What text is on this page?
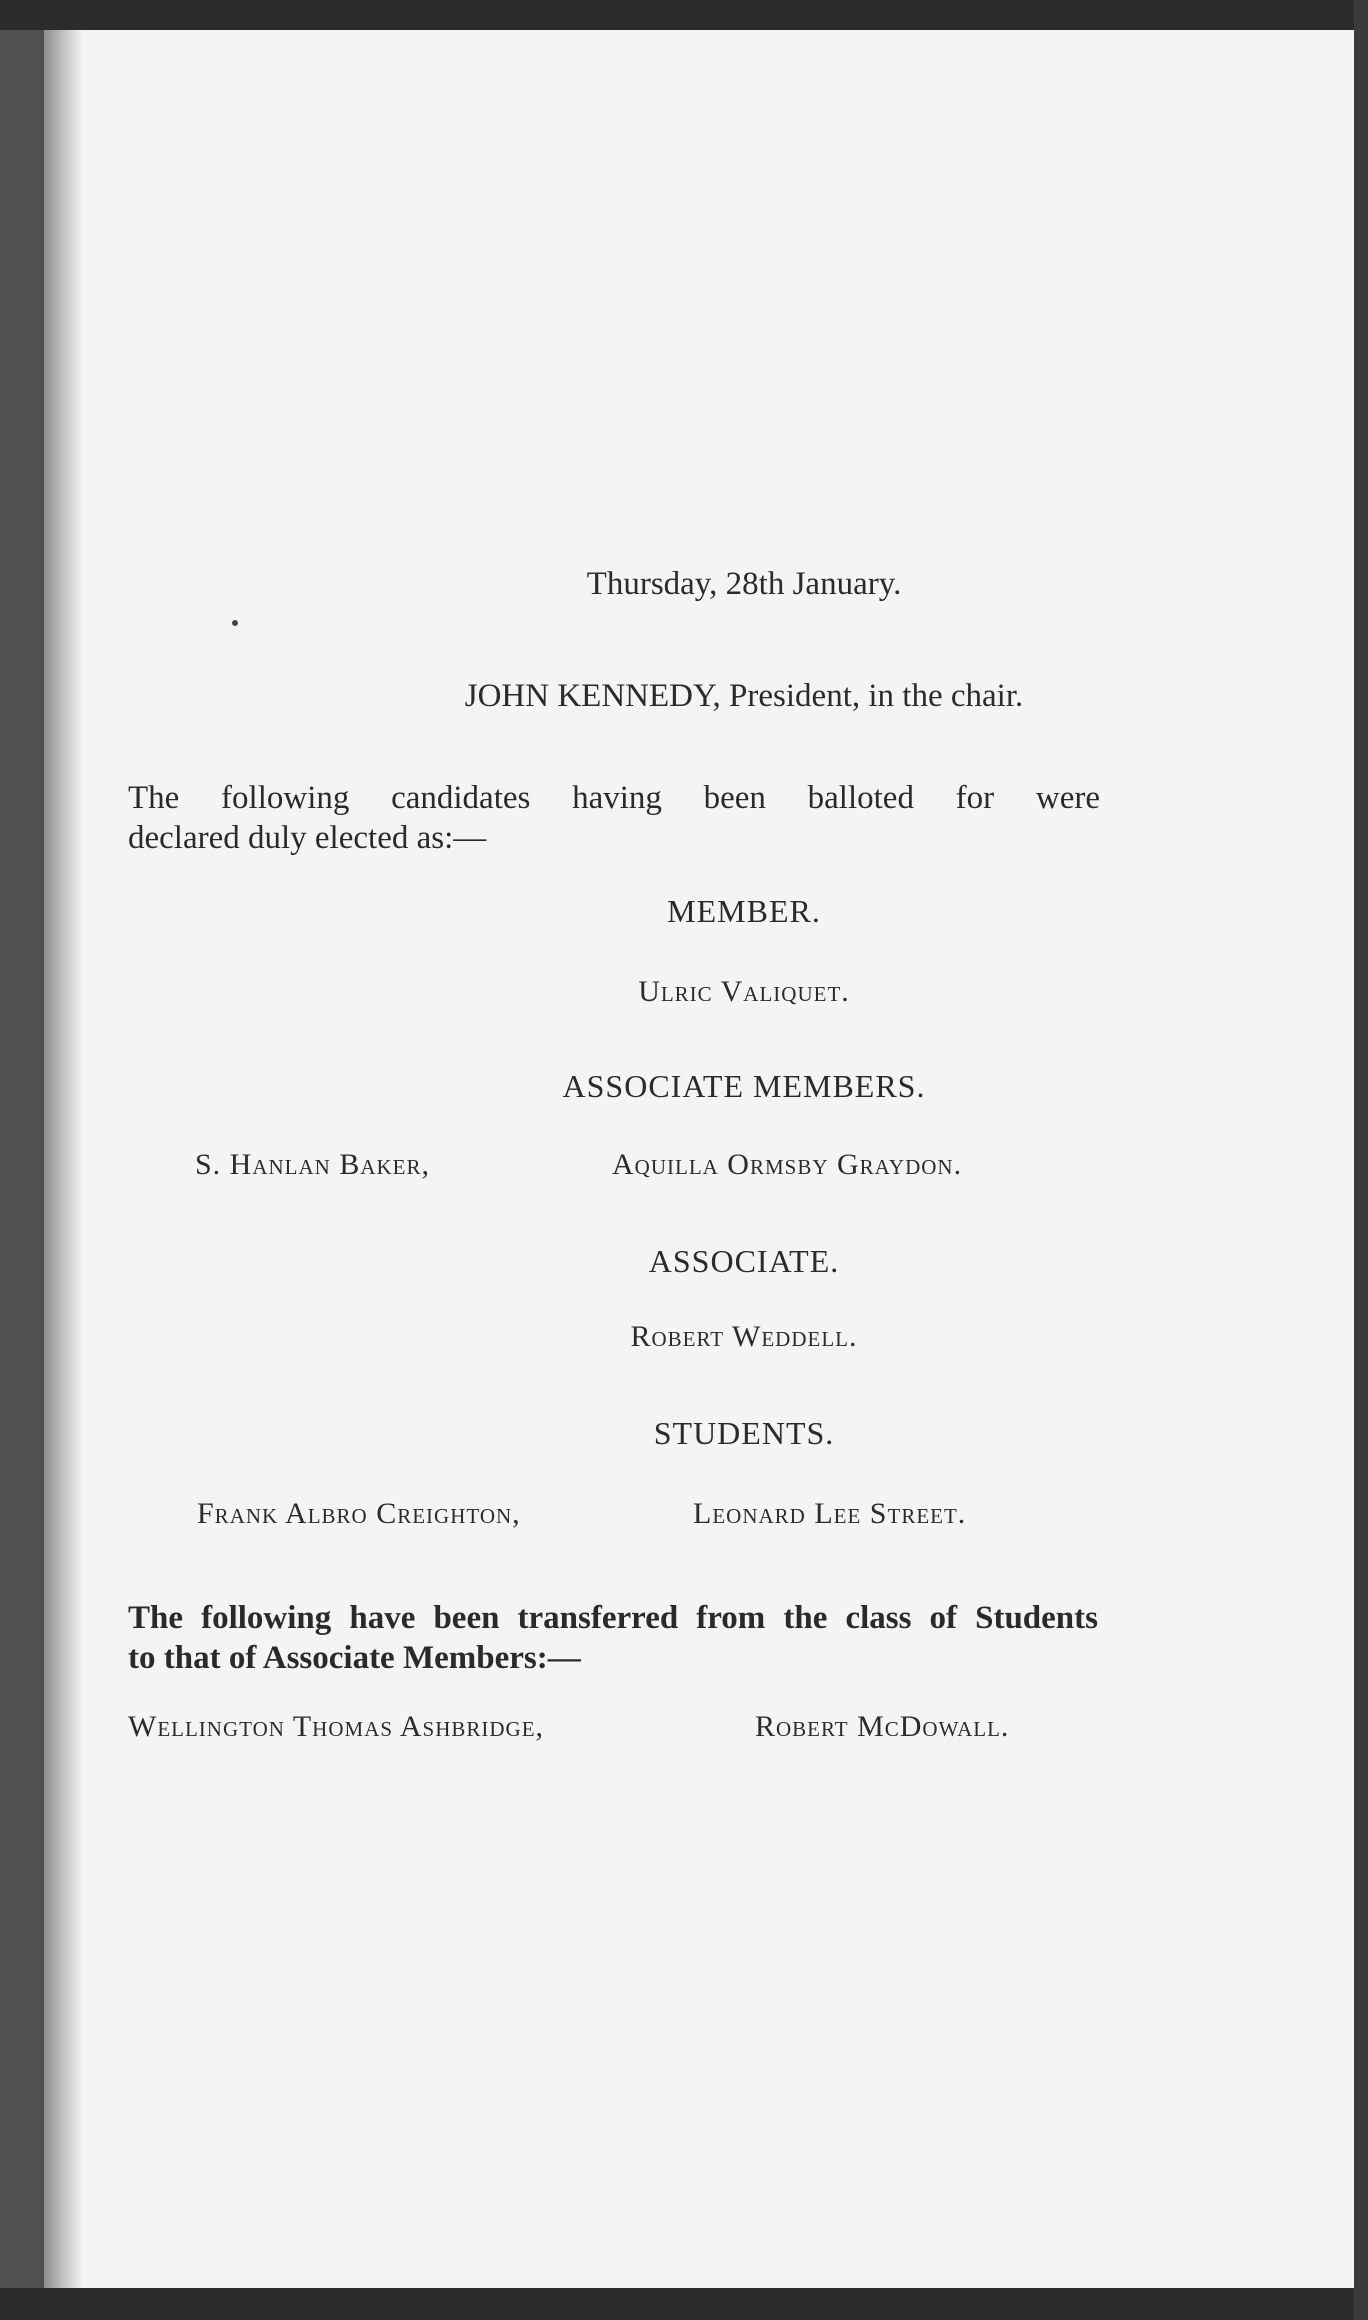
Thursday, 28th January.
JOHN KENNEDY, President, in the chair.
The following candidates having been balloted for were
declared duly elected as:—
MEMBER.
Ulric Valiquet.
ASSOCIATE MEMBERS.
S. Hanlan Baker,	Aquilla Ormsby Graydon.
ASSOCIATE.
Robert Weddell.
STUDENTS.
Frank Albro Creighton,	Leonard Lee Street.
The following have been transferred from the class of Students
to that of Associate Members:—
Wellington Thomas Ashbridge,	Robert McDowall.
